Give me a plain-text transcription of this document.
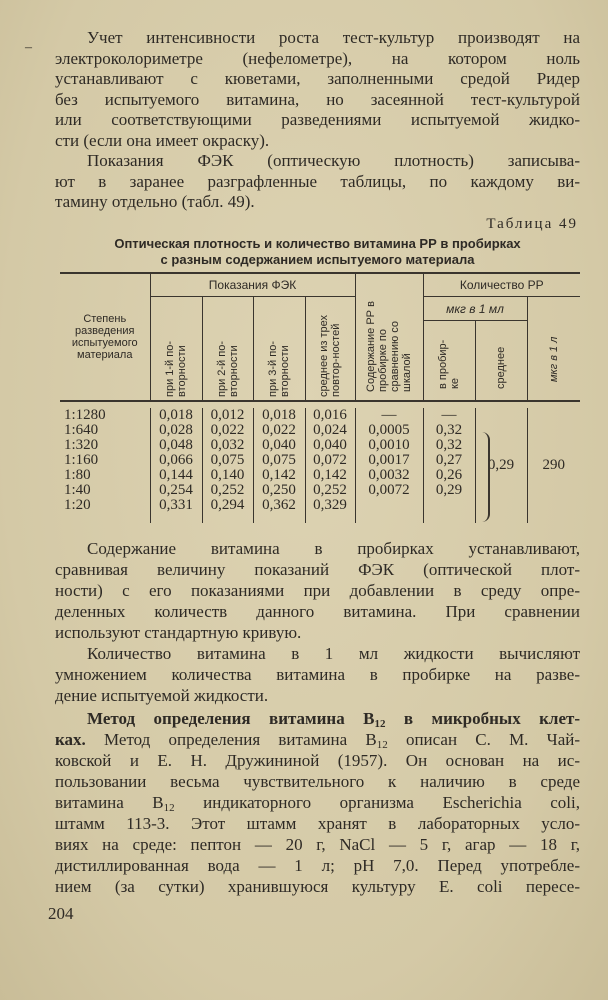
–
Учет интенсивности роста тест-культур производят на
электроколориметре (нефелометре), на котором ноль
устанавливают с кюветами, заполненными средой Ридер
без испытуемого витамина, но засеянной тест-культурой
или соответствующими разведениями испытуемой жидко-
сти (если она имеет окраску).
Показания ФЭК (оптическую плотность) записыва-
ют в заранее разграфленные таблицы, по каждому ви-
тамину отдельно (табл. 49).
Таблица 49
Оптическая плотность и количество витамина РР в пробирках
с разным содержанием испытуемого материала
Степень разведения испытуемого материала	Показания ФЭК				Содержание РР в пробирке по сравнению со шкалой	Количество РР		
	при 1-й по-вторности	при 2-й по-вторности	при 3-й по-вторности	среднее из трех повтор-ностей		мкг в 1 мл		мкг в 1 л
						в пробир-ке	среднее	
1:1280	0,018	0,012	0,018	0,016	—	—	0,29	290
1:640	0,028	0,022	0,022	0,024	0,0005	0,32		
1:320	0,048	0,032	0,040	0,040	0,0010	0,32		
1:160	0,066	0,075	0,075	0,072	0,0017	0,27		
1:80	0,144	0,140	0,142	0,142	0,0032	0,26		
1:40	0,254	0,252	0,250	0,252	0,0072	0,29		
1:20	0,331	0,294	0,362	0,329				
Содержание витамина в пробирках устанавливают,
сравнивая величину показаний ФЭК (оптической плот-
ности) с его показаниями при добавлении в среду опре-
деленных количеств данного витамина. При сравнении
используют стандартную кривую.
Количество витамина в 1 мл жидкости вычисляют
умножением количества витамина в пробирке на разве-
дение испытуемой жидкости.
Метод определения витамина $B_{12}$ в микробных клет-
ках. Метод определения витамина $B_{12}$ описан С. М. Чай-
ковской и Е. Н. Дружининой (1957). Он основан на ис-
пользовании весьма чувствительного к наличию в среде
витамина $B_{12}$ индикаторного организма Escherichia coli,
штамм 113-3. Этот штамм хранят в лабораторных усло-
виях на среде: пептон — 20 г, NaCl — 5 г, агар — 18 г,
дистиллированная вода — 1 л; pH 7,0. Перед употребле-
нием (за сутки) хранившуюся культуру E. coli пересе-
204
